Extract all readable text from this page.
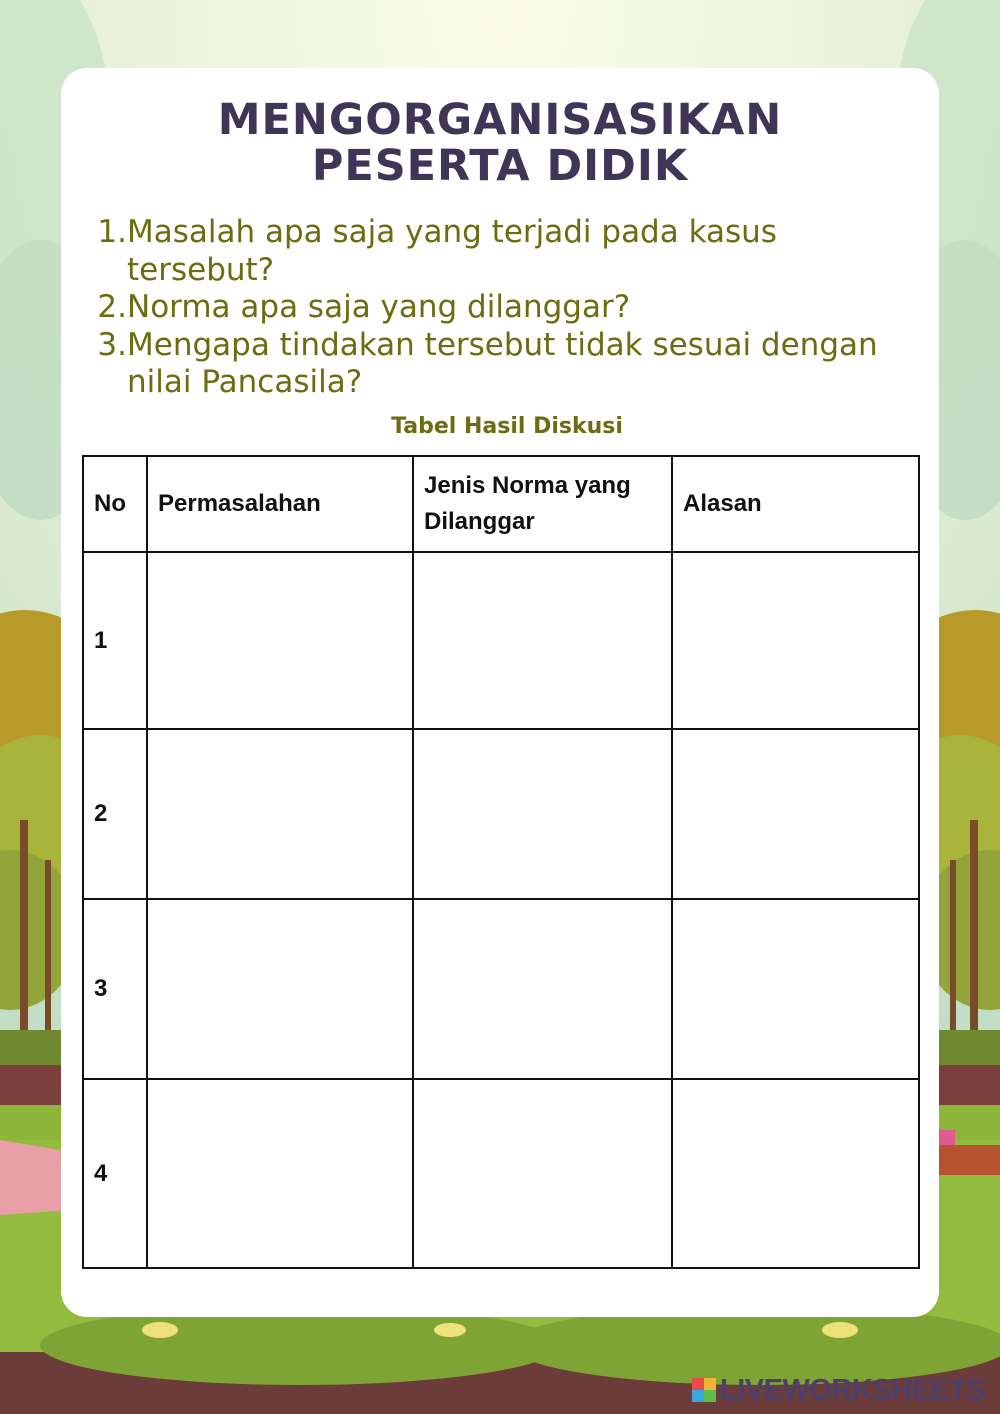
MENGORGANISASIKAN
PESERTA DIDIK
1. Masalah apa saja yang terjadi pada kasus
tersebut?
2. Norma apa saja yang dilanggar?
3. Mengapa tindakan tersebut tidak sesuai dengan
nilai Pancasila?
Tabel Hasil Diskusi
No	Permasalahan	Jenis Norma yang Dilanggar	Alasan
1			
2			
3			
4			
LIVEWORKSHEETS
